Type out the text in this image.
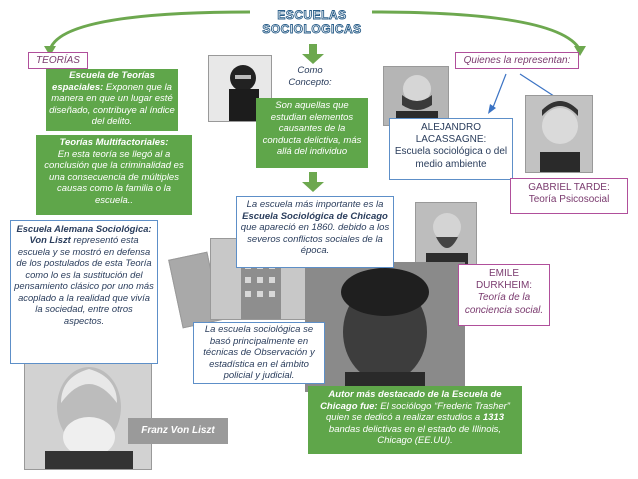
ESCUELAS
SOCIOLOGICAS
TEORÍAS
Como Concepto:
Quienes la representan:
Escuela de Teorías espaciales: Exponen que la manera en que un lugar esté diseñado, contribuye al índice del delito.
Teorías Multifactoriales:
En esta teoría se llegó al a conclusión que la criminalidad es una consecuencia de múltiples causas como la familia o la escuela..
Escuela Alemana Sociológica:
Von Liszt representó esta escuela y se mostró en defensa de los postulados de esta Teoría como lo es la sustitución del pensamiento clásico por uno más acoplado a la realidad que vivía la sociedad, entre otros aspectos.
Son aquellas que estudian elementos causantes de la conducta delictiva, más allá del individuo
La escuela más importante es la Escuela Sociológica de Chicago que apareció en 1860. debido a los severos conflictos sociales de la época.
La escuela sociológica se basó principalmente en técnicas de Observación y estadística en el ámbito policial y judicial.
Autor más destacado de la Escuela de Chicago fue: El sociólogo “Frederic Trasher” quien se dedicó a realizar estudios a 1313 bandas delictivas en el estado de Illinois, Chicago (EE.UU).
ALEJANDRO LACASSAGNE:
Escuela sociológica o del medio ambiente
GABRIEL TARDE:
Teoría Psicosocial
EMILE DURKHEIM:
Teoría de la conciencia social.
Franz Von Liszt
